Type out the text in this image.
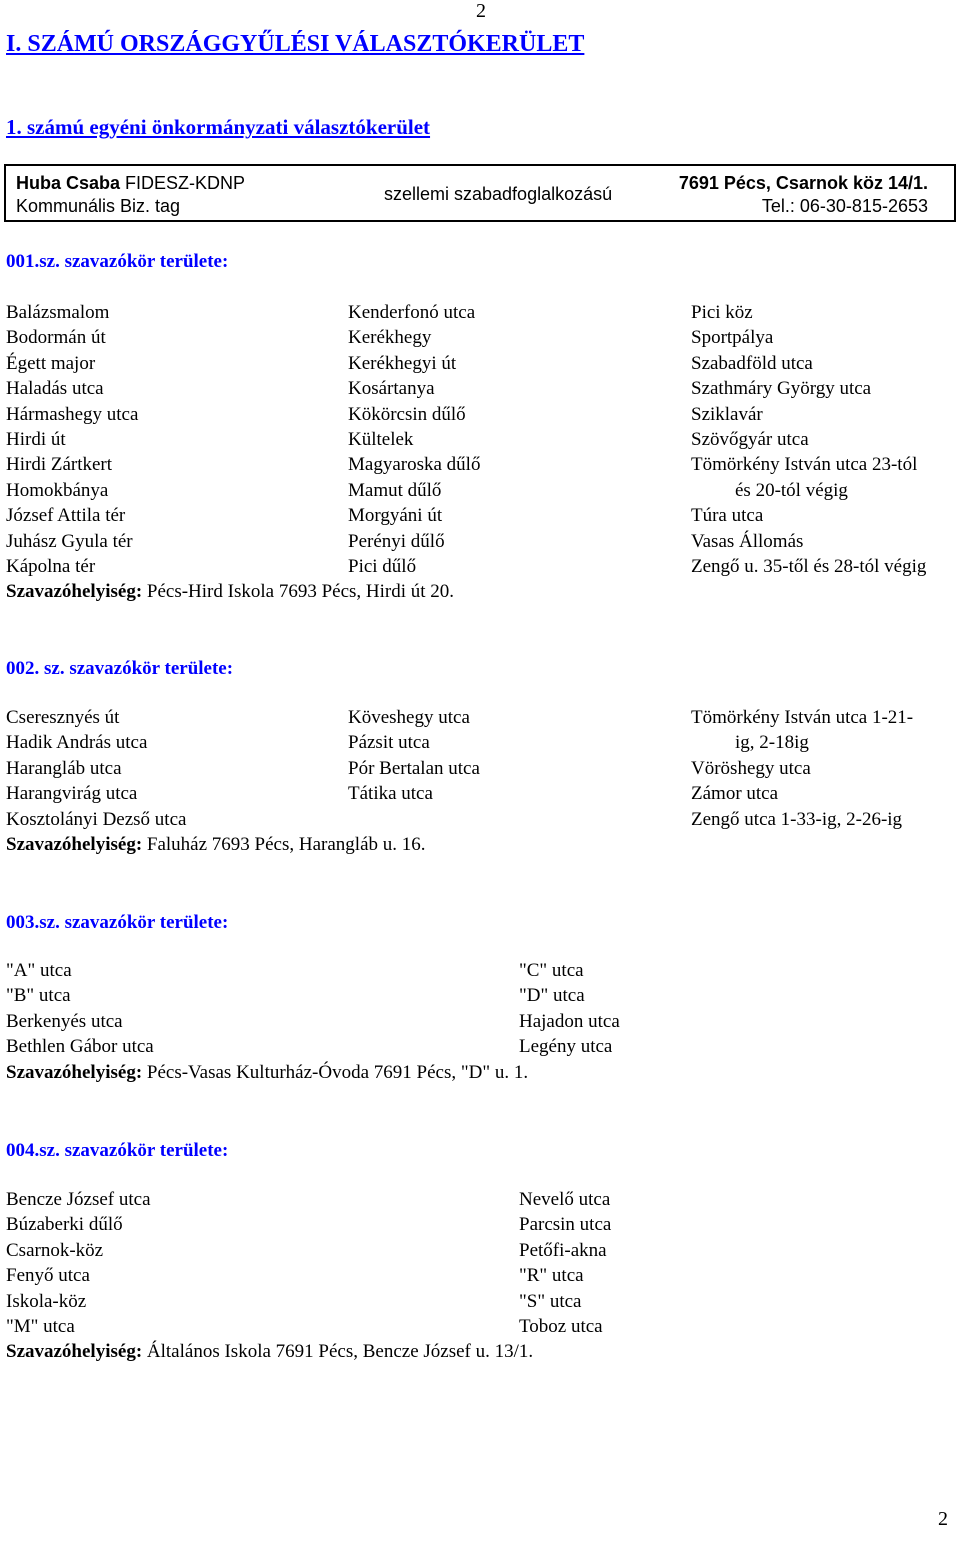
2
I. SZÁMÚ ORSZÁGGYŰLÉSI VÁLASZTÓKERÜLET
1. számú egyéni önkormányzati választókerület
Huba Csaba FIDESZ-KDNP
Kommunális Biz. tag
szellemi szabadfoglalkozású
7691 Pécs, Csarnok köz 14/1.
Tel.: 06-30-815-2653
001.sz. szavazókör területe:
Balázsmalom
Bodormán út
Égett major
Haladás utca
Hármashegy utca
Hirdi út
Hirdi Zártkert
Homokbánya
József Attila tér
Juhász Gyula tér
Kápolna tér
Kenderfonó utca
Kerékhegy
Kerékhegyi út
Kosártanya
Kökörcsin dűlő
Kültelek
Magyaroska dűlő
Mamut dűlő
Morgyáni út
Perényi dűlő
Pici dűlő
Pici köz
Sportpálya
Szabadföld utca
Szathmáry György utca
Sziklavár
Szövőgyár utca
Tömörkény István utca 23-tól
és 20-tól végig
Túra utca
Vasas Állomás
Zengő u. 35-től és 28-tól végig
Szavazóhelyiség: Pécs-Hird Iskola 7693 Pécs, Hirdi út 20.
002. sz. szavazókör területe:
Cseresznyés út
Hadik András utca
Harangláb utca
Harangvirág utca
Kosztolányi Dezső utca
Köveshegy utca
Pázsit utca
Pór Bertalan utca
Tátika utca
Tömörkény István utca 1-21-
ig, 2-18ig
Vöröshegy utca
Zámor utca
Zengő utca 1-33-ig, 2-26-ig
Szavazóhelyiség: Faluház 7693 Pécs, Harangláb u. 16.
003.sz. szavazókör területe:
"A" utca
"B" utca
Berkenyés utca
Bethlen Gábor utca
"C" utca
"D" utca
Hajadon utca
Legény utca
Szavazóhelyiség: Pécs-Vasas Kulturház-Óvoda 7691 Pécs, "D" u. 1.
004.sz. szavazókör területe:
Bencze József utca
Búzaberki dűlő
Csarnok-köz
Fenyő utca
Iskola-köz
"M" utca
Nevelő utca
Parcsin utca
Petőfi-akna
"R" utca
"S" utca
Toboz utca
Szavazóhelyiség: Általános Iskola 7691 Pécs, Bencze József u. 13/1.
2
